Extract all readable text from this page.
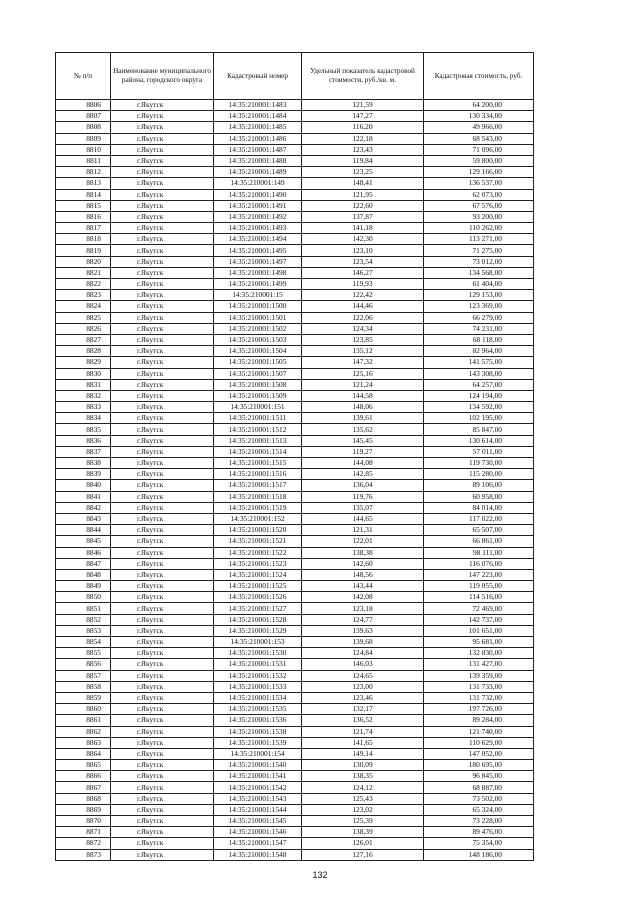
№ п/п	Наименование муниципального района, городского округа	Кадастровый номер	Удельный показатель кадастровой стоимости, руб./кв. м.	Кадастровая стоимость, руб.
8806	г.Якутск	14:35:210001:1483	121,59	64 200,00
8807	г.Якутск	14:35:210001:1484	147,27	130 334,00
8808	г.Якутск	14:35:210001:1485	116,20	49 966,00
8809	г.Якутск	14:35:210001:1486	122,18	68 543,00
8810	г.Якутск	14:35:210001:1487	123,43	71 096,00
8811	г.Якутск	14:35:210001:1488	119,84	59 800,00
8812	г.Якутск	14:35:210001:1489	123,25	129 166,00
8813	г.Якутск	14:35:210001:149	148,41	136 537,00
8814	г.Якутск	14:35:210001:1490	121,95	62 073,00
8815	г.Якутск	14:35:210001:1491	122,60	67 576,00
8816	г.Якутск	14:35:210001:1492	137,87	93 200,00
8817	г.Якутск	14:35:210001:1493	141,18	110 262,00
8818	г.Якутск	14:35:210001:1494	142,30	113 271,00
8819	г.Якутск	14:35:210001:1495	123,10	71 275,00
8820	г.Якутск	14:35:210001:1497	123,54	73 012,00
8821	г.Якутск	14:35:210001:1498	146,27	134 568,00
8822	г.Якутск	14:35:210001:1499	119,93	61 404,00
8823	г.Якутск	14:35:210001:15	122,42	129 153,00
8824	г.Якутск	14:35:210001:1500	144,46	123 369,00
8825	г.Якутск	14:35:210001:1501	122,06	66 279,00
8826	г.Якутск	14:35:210001:1502	124,34	74 231,00
8827	г.Якутск	14:35:210001:1503	123,85	68 118,00
8828	г.Якутск	14:35:210001:1504	135,12	82 964,00
8829	г.Якутск	14:35:210001:1505	147,32	141 575,00
8830	г.Якутск	14:35:210001:1507	125,16	143 308,00
8831	г.Якутск	14:35:210001:1508	121,24	64 257,00
8832	г.Якутск	14:35:210001:1509	144,58	124 194,00
8833	г.Якутск	14:35:210001:151	148,06	134 592,00
8834	г.Якутск	14:35:210001:1511	139,61	102 195,00
8835	г.Якутск	14:35:210001:1512	135,62	85 847,00
8836	г.Якутск	14:35:210001:1513	145,45	130 614,00
8837	г.Якутск	14:35:210001:1514	119,27	57 011,00
8838	г.Якутск	14:35:210001:1515	144,08	119 730,00
8839	г.Якутск	14:35:210001:1516	142,85	115 280,00
8840	г.Якутск	14:35:210001:1517	136,04	89 106,00
8841	г.Якутск	14:35:210001:1518	119,76	60 958,00
8842	г.Якутск	14:35:210001:1519	135,07	84 014,00
8843	г.Якутск	14:35:210001:152	144,65	117 022,00
8844	г.Якутск	14:35:210001:1520	121,31	65 507,00
8845	г.Якутск	14:35:210001:1521	122,01	66 861,00
8846	г.Якутск	14:35:210001:1522	138,38	98 111,00
8847	г.Якутск	14:35:210001:1523	142,60	116 076,00
8848	г.Якутск	14:35:210001:1524	148,56	147 223,00
8849	г.Якутск	14:35:210001:1525	143,44	119 055,00
8850	г.Якутск	14:35:210001:1526	142,08	114 516,00
8851	г.Якутск	14:35:210001:1527	123,18	72 469,00
8852	г.Якутск	14:35:210001:1528	124,77	142 737,00
8853	г.Якутск	14:35:210001:1529	139,63	101 651,00
8854	г.Якутск	14:35:210001:153	139,68	95 681,00
8855	г.Якутск	14:35:210001:1530	124,84	132 830,00
8856	г.Якутск	14:35:210001:1531	146,03	131 427,00
8857	г.Якутск	14:35:210001:1532	124,65	139 359,00
8858	г.Якутск	14:35:210001:1533	123,00	131 733,00
8859	г.Якутск	14:35:210001:1534	123,46	131 732,00
8860	г.Якутск	14:35:210001:1535	132,17	197 726,00
8861	г.Якутск	14:35:210001:1536	136,52	89 284,00
8862	г.Якутск	14:35:210001:1538	121,74	121 740,00
8863	г.Якутск	14:35:210001:1539	141,65	110 629,00
8864	г.Якутск	14:35:210001:154	149,14	147 052,00
8865	г.Якутск	14:35:210001:1540	130,09	180 695,00
8866	г.Якутск	14:35:210001:1541	138,35	96 845,00
8867	г.Якутск	14:35:210001:1542	124,12	68 887,00
8868	г.Якутск	14:35:210001:1543	125,43	73 502,00
8869	г.Якутск	14:35:210001:1544	123,02	65 324,00
8870	г.Якутск	14:35:210001:1545	125,39	73 228,00
8871	г.Якутск	14:35:210001:1546	138,39	89 476,00
8872	г.Якутск	14:35:210001:1547	126,01	75 354,00
8873	г.Якутск	14:35:210001:1548	127,16	148 186,00
132
